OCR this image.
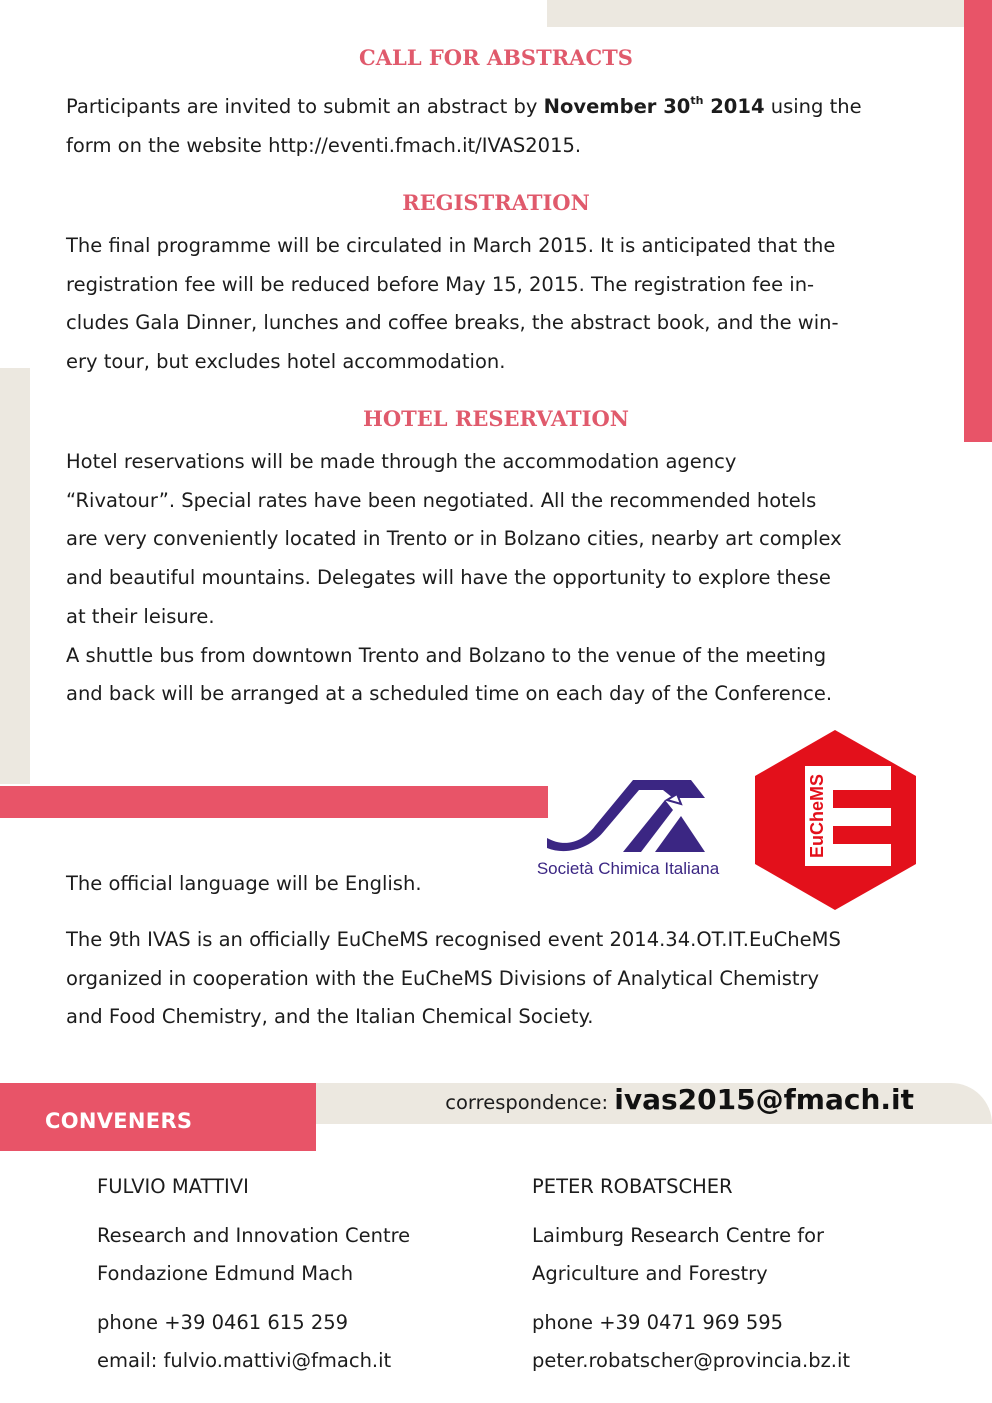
CALL FOR ABSTRACTS

Participants are invited to submit an abstract by November 30th 2014 using the

form on the website http://eventi.fmach.it/IVAS2015.

REGISTRATION

The final programme will be circulated in March 2015. It is anticipated that the

registration fee will be reduced before May 15, 2015. The registration fee in-

cludes Gala Dinner, lunches and coffee breaks, the abstract book, and the win-

ery tour, but excludes hotel accommodation.

HOTEL RESERVATION

Hotel reservations will be made through the accommodation agency

“Rivatour”. Special rates have been negotiated. All the recommended hotels

are very conveniently located in Trento or in Bolzano cities, nearby art complex

and beautiful mountains. Delegates will have the opportunity to explore these

at their leisure.

A shuttle bus from downtown Trento and Bolzano to the venue of the meeting

and back will be arranged at a scheduled time on each day of the Conference.

Società Chimica Italiana
EuCheMS

The official language will be English.

The 9th IVAS is an officially EuCheMS recognised event 2014.34.OT.IT.EuCheMS

organized in cooperation with the EuCheMS Divisions of Analytical Chemistry

and Food Chemistry, and the Italian Chemical Society.

CONVENERS

correspondence: ivas2015@fmach.it

FULVIO MATTIVI

Research and Innovation Centre

Fondazione Edmund Mach

phone +39 0461 615 259

email: fulvio.mattivi@fmach.it

PETER ROBATSCHER

Laimburg Research Centre for

Agriculture and Forestry

phone +39 0471 969 595

peter.robatscher@provincia.bz.it
